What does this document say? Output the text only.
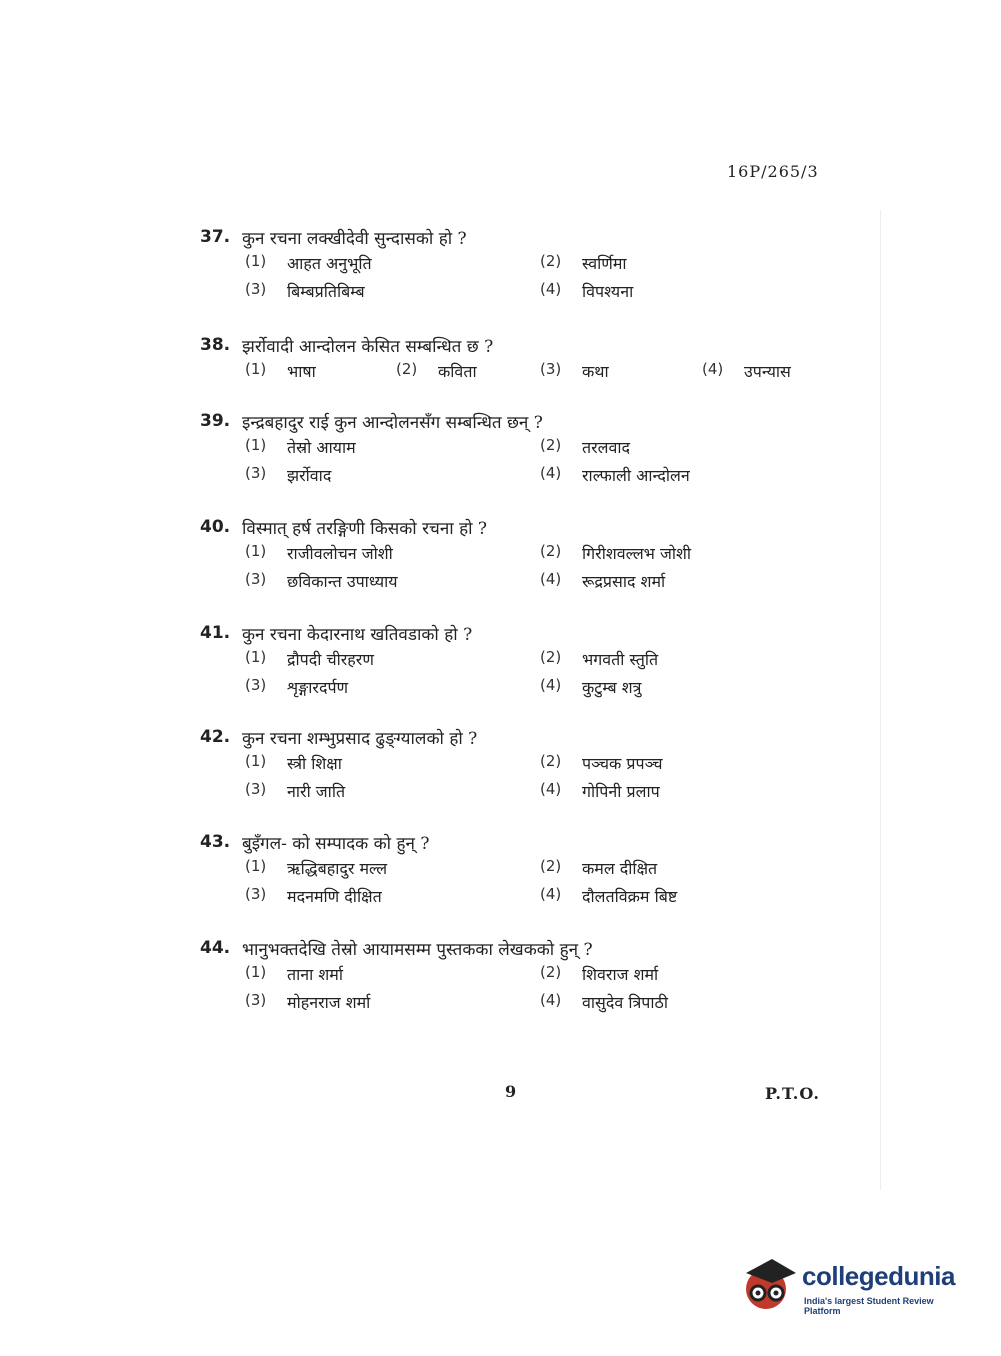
16P/265/3
37. कुन रचना लक्खीदेवी सुन्दासको हो ?
(1)	आहत अनुभूति	(2)	स्वर्णिमा
(3)	बिम्बप्रतिबिम्ब	(4)	विपश्यना
38. झर्रोवादी आन्दोलन केसित सम्बन्धित छ ?
(1)	भाषा	(2)	कविता	(3)	कथा	(4)	उपन्यास
39. इन्द्रबहादुर राई कुन आन्दोलनसँग सम्बन्धित छन् ?
(1)	तेस्रो आयाम	(2)	तरलवाद
(3)	झर्रोवाद	(4)	राल्फाली आन्दोलन
40. विस्मात् हर्ष तरङ्गिणी किसको रचना हो ?
(1)	राजीवलोचन जोशी	(2)	गिरीशवल्लभ जोशी
(3)	छविकान्त उपाध्याय	(4)	रूद्रप्रसाद शर्मा
41. कुन रचना केदारनाथ खतिवडाको हो ?
(1)	द्रौपदी चीरहरण	(2)	भगवती स्तुति
(3)	शृङ्गारदर्पण	(4)	कुटुम्ब शत्रु
42. कुन रचना शम्भुप्रसाद ढुङ्ग्यालको हो ?
(1)	स्त्री शिक्षा	(2)	पञ्चक प्रपञ्च
(3)	नारी जाति	(4)	गोपिनी प्रलाप
43. बुइँगल- को सम्पादक को हुन् ?
(1)	ऋद्धिबहादुर मल्ल	(2)	कमल दीक्षित
(3)	मदनमणि दीक्षित	(4)	दौलतविक्रम बिष्ट
44. भानुभक्तदेखि तेस्रो आयामसम्म पुस्तकका लेखकको हुन् ?
(1)	ताना शर्मा	(2)	शिवराज शर्मा
(3)	मोहनराज शर्मा	(4)	वासुदेव त्रिपाठी
9	P.T.O.
collegedunia
India's largest Student Review Platform
